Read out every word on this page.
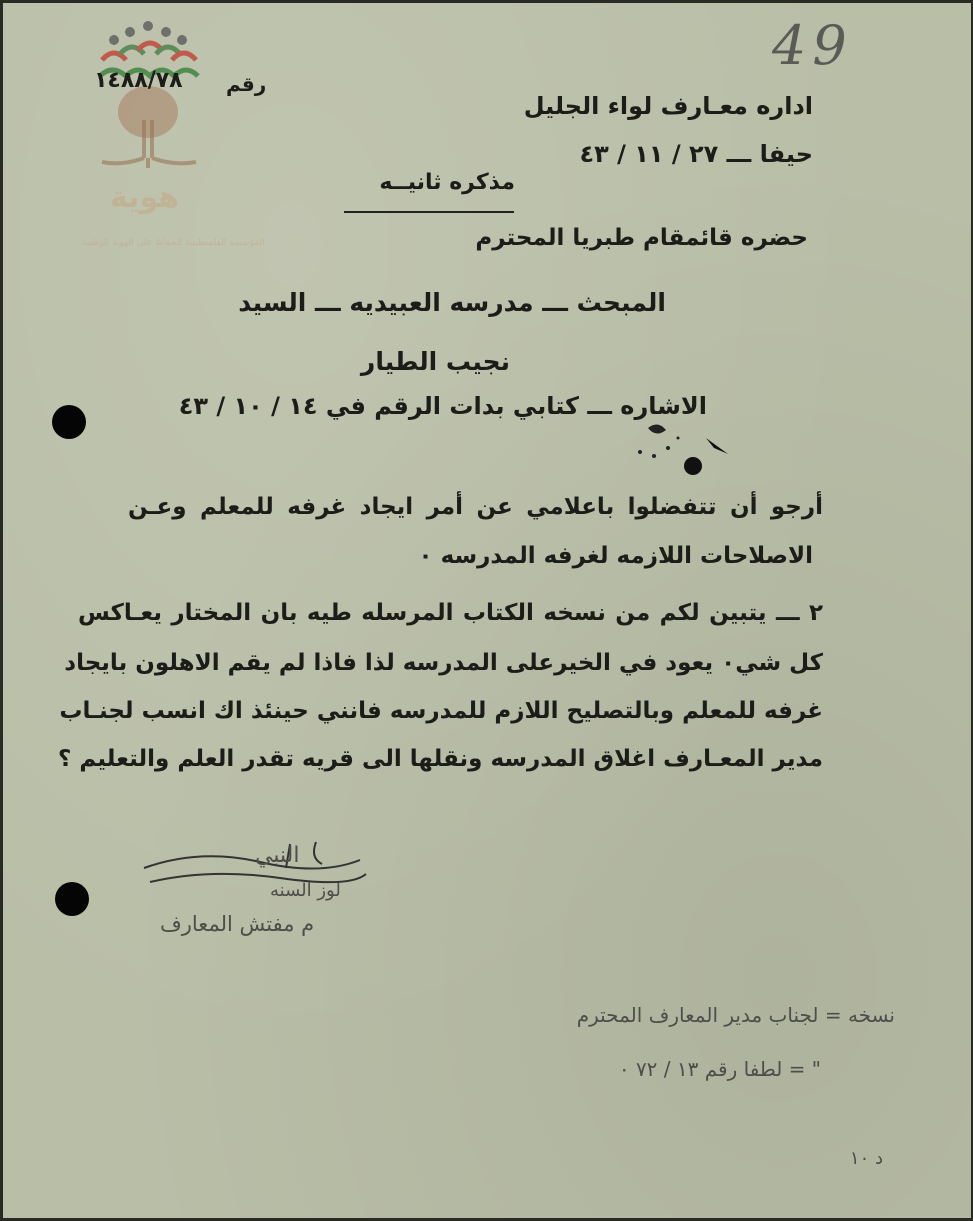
هوية
المؤسسة الفلسطينية للحفاظ على الهوية الوطنية
49
رقم
١٤٨٨/٧٨
اداره معـارف لواء الجليل
حيفا ـــ ٢٧ / ١١ / ٤٣
مذكره ثانيــه
حضره قائمقام طبريا المحترم
المبحث ـــ مدرسه العبيديه ـــ السيد
نجيب الطيار
الاشاره ـــ كتابي بدات الرقم في ١٤ / ١٠ / ٤٣
أرجو أن تتفضلوا باعلامي عن أمر ايجاد غرفه للمعلم وعـن
الاصلاحات اللازمه لغرفه المدرسه ٠
٢ ـــ يتبين لكم من نسخه الكتاب المرسله طيه بان المختار يعـاكس
كل شي٠ يعود في الخيرعلى المدرسه لذا فاذا لم يقم الاهلون بايجاد
غرفه للمعلم وبالتصليح اللازم للمدرسه فانني حينئذ اك انسب لجنـاب
مدير المعـارف اغلاق المدرسه ونقلها الى قريه تقدر العلم والتعليم ؟
النبي
لوز السنه
م مفتش المعارف
نسخه = لجناب مدير المعارف المحترم
" = لطفا رقم ١٣ / ٧٢ ٠
د ١٠
